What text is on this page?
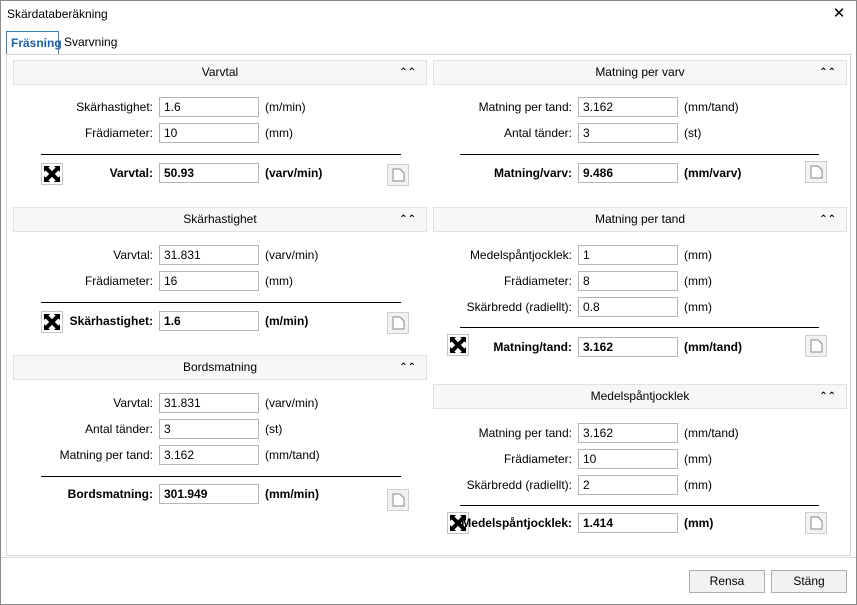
Skärdataberäkning	✕
Fräsning Svarvning
Varvtal	⌃⌃
Skärhastighet: 1.6	(m/min)
Frädiameter: 10	(mm)
Varvtal: 50.93	(varv/min)
Skärhastighet	⌃⌃
Varvtal: 31.831	(varv/min)
Frädiameter: 16	(mm)
Skärhastighet: 1.6	(m/min)
Bordsmatning	⌃⌃
Varvtal: 31.831	(varv/min)
Antal tänder: 3	(st)
Matning per tand: 3.162	(mm/tand)
Bordsmatning: 301.949	(mm/min)
Matning per varv	⌃⌃
Matning per tand: 3.162	(mm/tand)
Antal tänder: 3	(st)
Matning/varv: 9.486	(mm/varv)
Matning per tand	⌃⌃
Medelspåntjocklek: 1	(mm)
Frädiameter: 8	(mm)
Skärbredd (radiellt): 0.8	(mm)
Matning/tand: 3.162	(mm/tand)
Medelspåntjocklek	⌃⌃
Matning per tand: 3.162	(mm/tand)
Frädiameter: 10	(mm)
Skärbredd (radiellt): 2	(mm)
Medelspåntjocklek: 1.414	(mm)
Rensa	Stäng
